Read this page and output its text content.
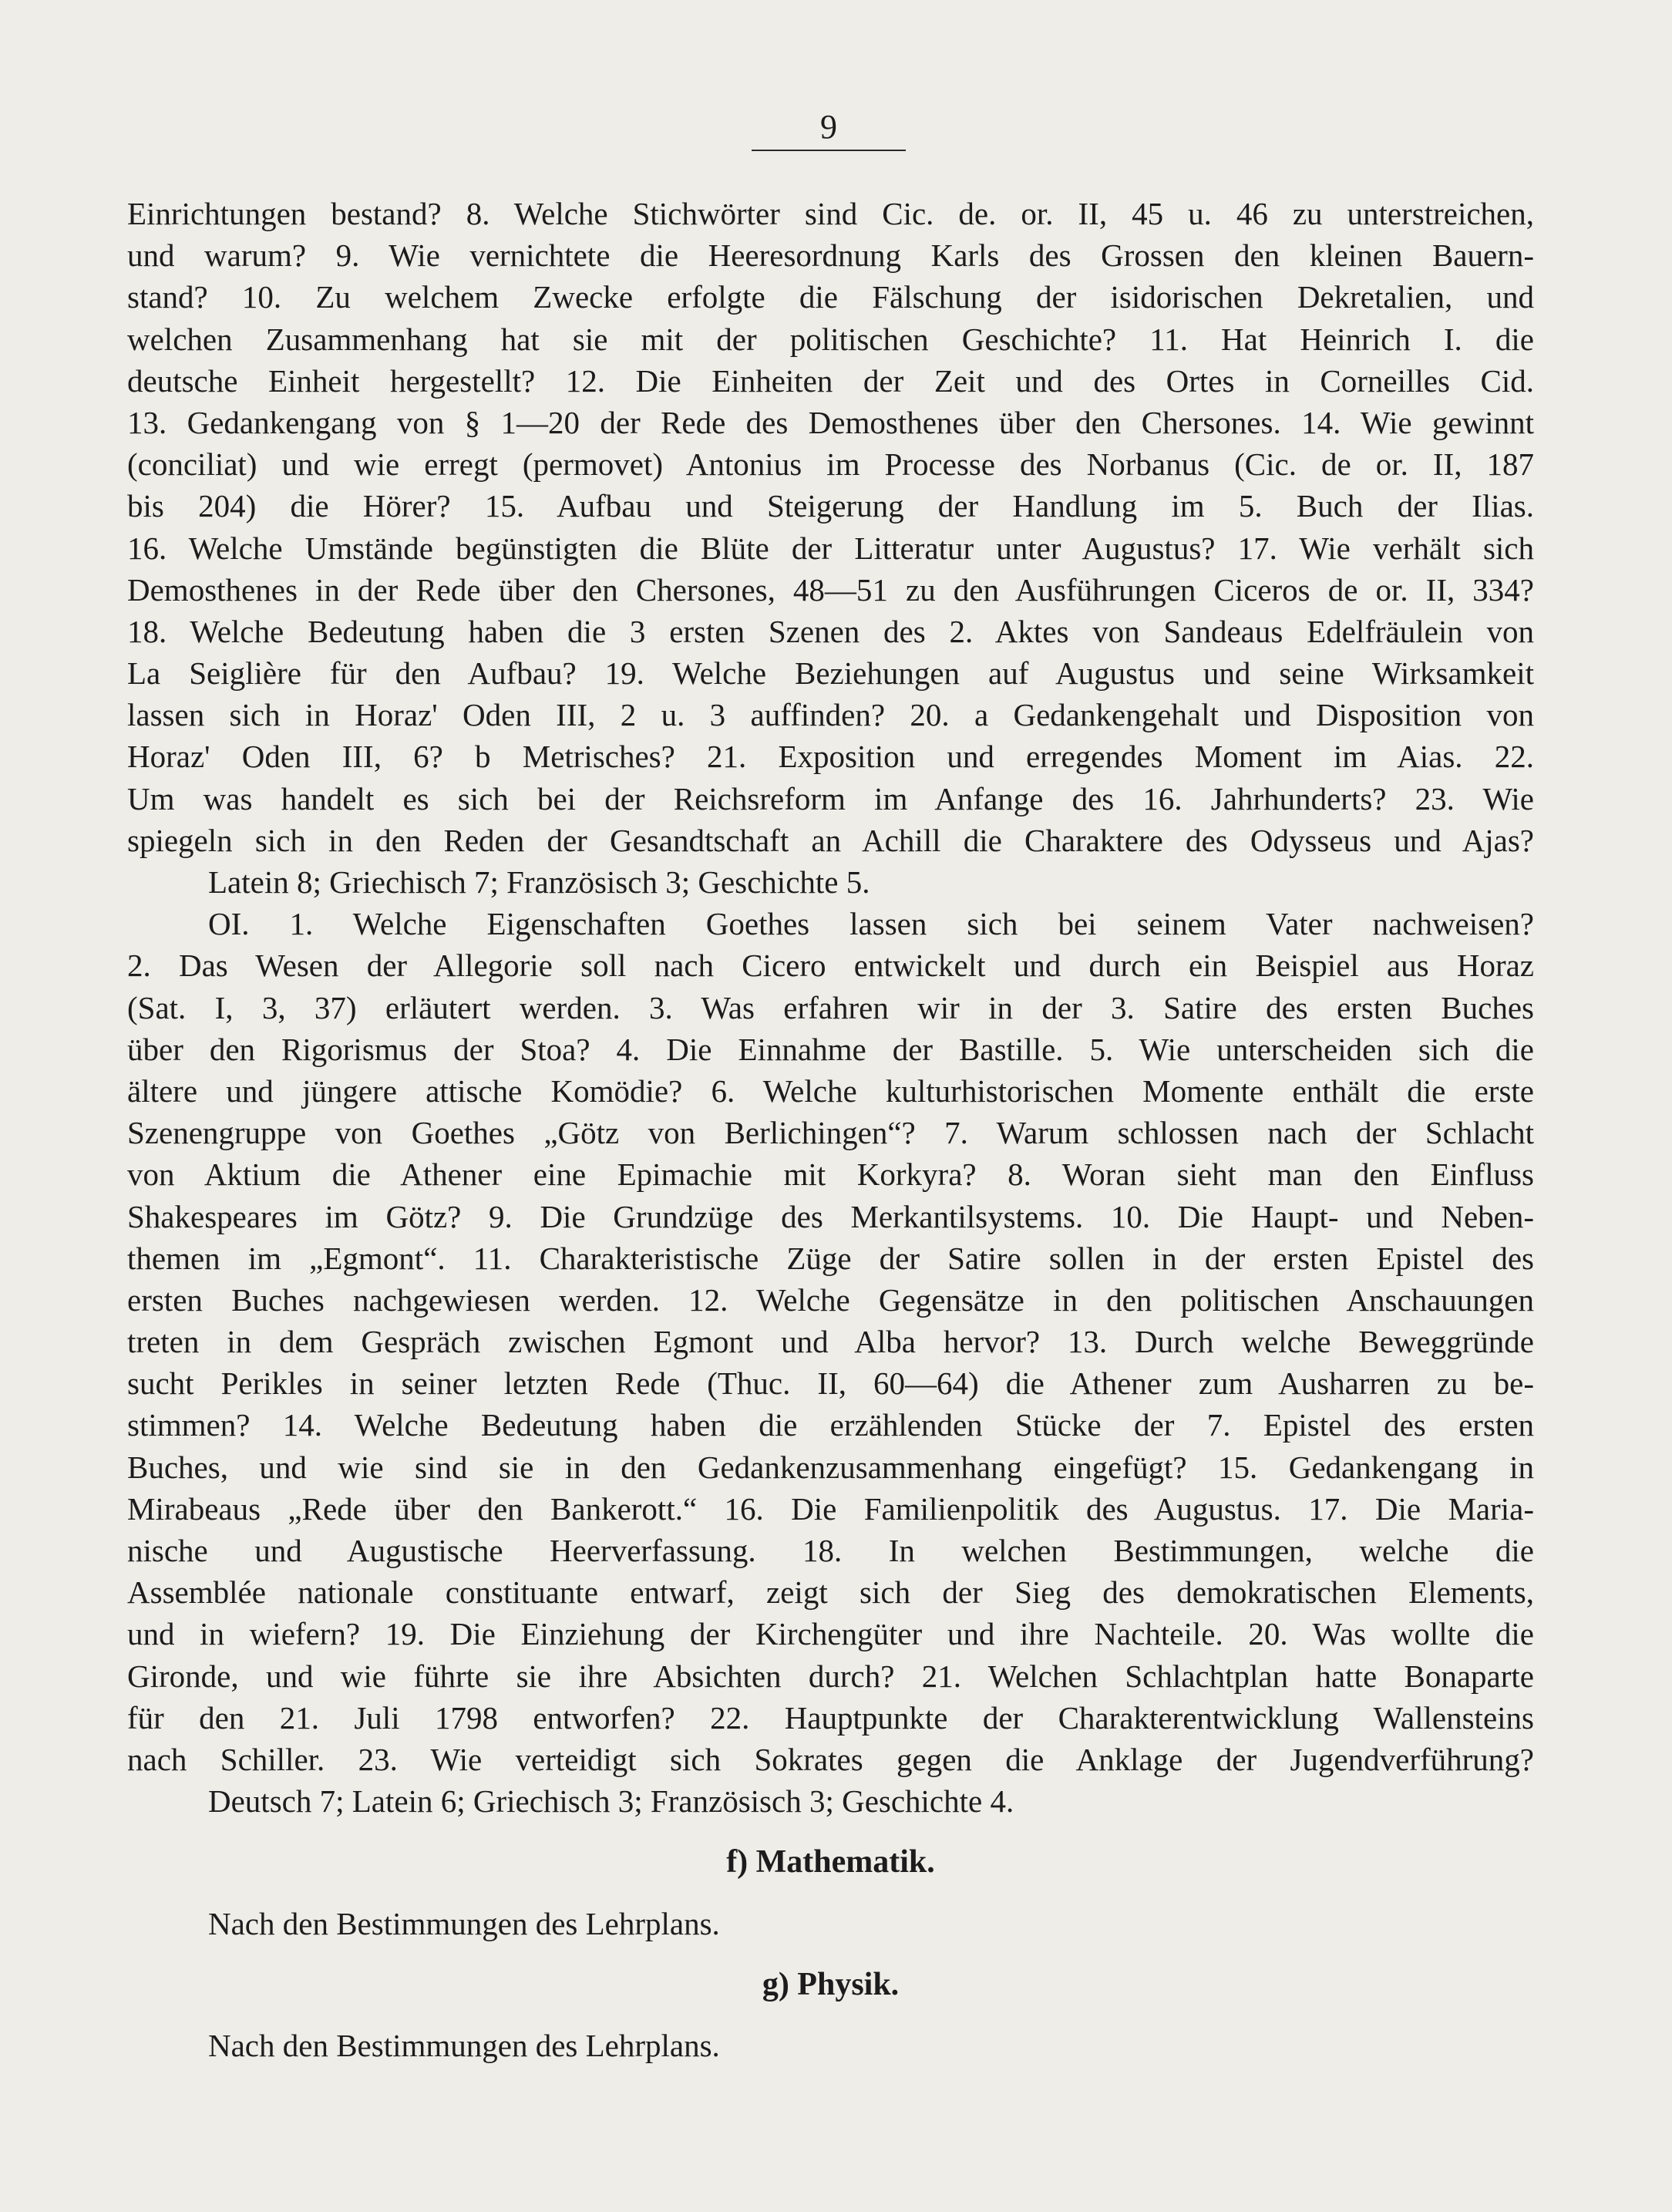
9
Einrichtungen bestand? 8. Welche Stichwörter sind Cic. de. or. II, 45 u. 46 zu unterstreichen,
und warum? 9. Wie vernichtete die Heeresordnung Karls des Grossen den kleinen Bauern-
stand? 10. Zu welchem Zwecke erfolgte die Fälschung der isidorischen Dekretalien, und
welchen Zusammenhang hat sie mit der politischen Geschichte? 11. Hat Heinrich I. die
deutsche Einheit hergestellt? 12. Die Einheiten der Zeit und des Ortes in Corneilles Cid.
13. Gedankengang von § 1—20 der Rede des Demosthenes über den Chersones. 14. Wie gewinnt
(conciliat) und wie erregt (permovet) Antonius im Processe des Norbanus (Cic. de or. II, 187
bis 204) die Hörer? 15. Aufbau und Steigerung der Handlung im 5. Buch der Ilias.
16. Welche Umstände begünstigten die Blüte der Litteratur unter Augustus? 17. Wie verhält sich
Demosthenes in der Rede über den Chersones, 48—51 zu den Ausführungen Ciceros de or. II, 334?
18. Welche Bedeutung haben die 3 ersten Szenen des 2. Aktes von Sandeaus Edelfräulein von
La Seiglière für den Aufbau? 19. Welche Beziehungen auf Augustus und seine Wirksamkeit
lassen sich in Horaz' Oden III, 2 u. 3 auffinden? 20. a Gedankengehalt und Disposition von
Horaz' Oden III, 6? b Metrisches? 21. Exposition und erregendes Moment im Aias. 22.
Um was handelt es sich bei der Reichsreform im Anfange des 16. Jahrhunderts? 23. Wie
spiegeln sich in den Reden der Gesandtschaft an Achill die Charaktere des Odysseus und Ajas?
Latein 8; Griechisch 7; Französisch 3; Geschichte 5.
OI. 1. Welche Eigenschaften Goethes lassen sich bei seinem Vater nachweisen?
2. Das Wesen der Allegorie soll nach Cicero entwickelt und durch ein Beispiel aus Horaz
(Sat. I, 3, 37) erläutert werden. 3. Was erfahren wir in der 3. Satire des ersten Buches
über den Rigorismus der Stoa? 4. Die Einnahme der Bastille. 5. Wie unterscheiden sich die
ältere und jüngere attische Komödie? 6. Welche kulturhistorischen Momente enthält die erste
Szenengruppe von Goethes „Götz von Berlichingen“? 7. Warum schlossen nach der Schlacht
von Aktium die Athener eine Epimachie mit Korkyra? 8. Woran sieht man den Einfluss
Shakespeares im Götz? 9. Die Grundzüge des Merkantilsystems. 10. Die Haupt- und Neben-
themen im „Egmont“. 11. Charakteristische Züge der Satire sollen in der ersten Epistel des
ersten Buches nachgewiesen werden. 12. Welche Gegensätze in den politischen Anschauungen
treten in dem Gespräch zwischen Egmont und Alba hervor? 13. Durch welche Beweggründe
sucht Perikles in seiner letzten Rede (Thuc. II, 60—64) die Athener zum Ausharren zu be-
stimmen? 14. Welche Bedeutung haben die erzählenden Stücke der 7. Epistel des ersten
Buches, und wie sind sie in den Gedankenzusammenhang eingefügt? 15. Gedankengang in
Mirabeaus „Rede über den Bankerott.“ 16. Die Familienpolitik des Augustus. 17. Die Maria-
nische und Augustische Heerverfassung. 18. In welchen Bestimmungen, welche die
Assemblée nationale constituante entwarf, zeigt sich der Sieg des demokratischen Elements,
und in wiefern? 19. Die Einziehung der Kirchengüter und ihre Nachteile. 20. Was wollte die
Gironde, und wie führte sie ihre Absichten durch? 21. Welchen Schlachtplan hatte Bonaparte
für den 21. Juli 1798 entworfen? 22. Hauptpunkte der Charakterentwicklung Wallensteins
nach Schiller. 23. Wie verteidigt sich Sokrates gegen die Anklage der Jugendverführung?
Deutsch 7; Latein 6; Griechisch 3; Französisch 3; Geschichte 4.
f) Mathematik.
Nach den Bestimmungen des Lehrplans.
g) Physik.
Nach den Bestimmungen des Lehrplans.
